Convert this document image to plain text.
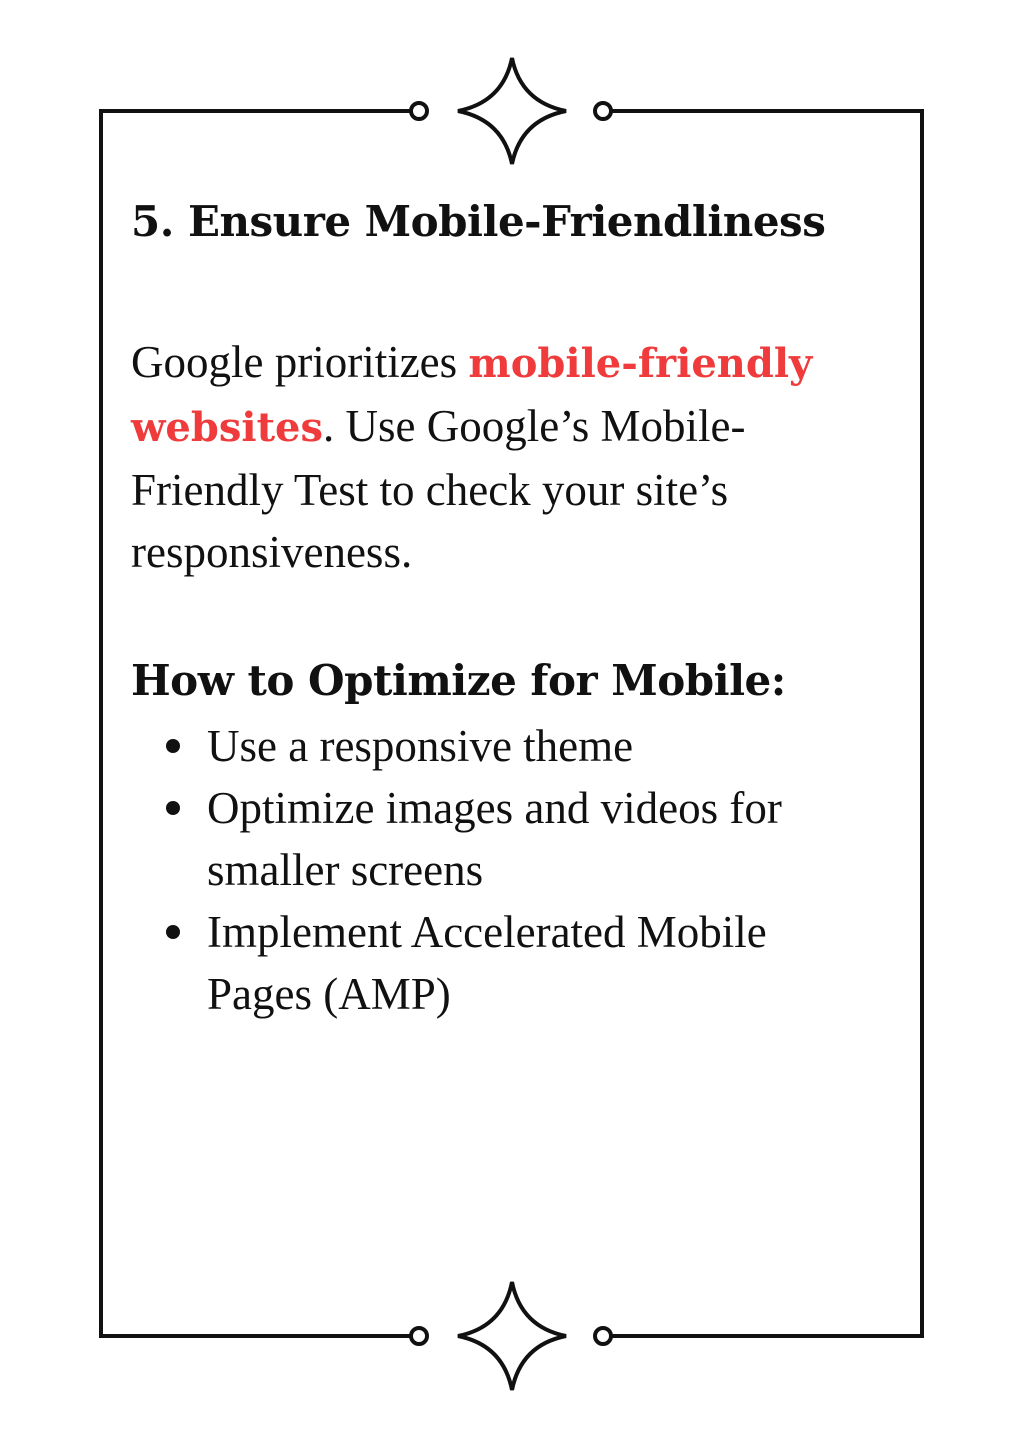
5. Ensure Mobile-Friendliness

Google prioritizes mobile-friendly websites. Use Google’s Mobile-Friendly Test to check your site’s responsiveness.

How to Optimize for Mobile:
Use a responsive theme
Optimize images and videos for smaller screens
Implement Accelerated Mobile Pages (AMP)
